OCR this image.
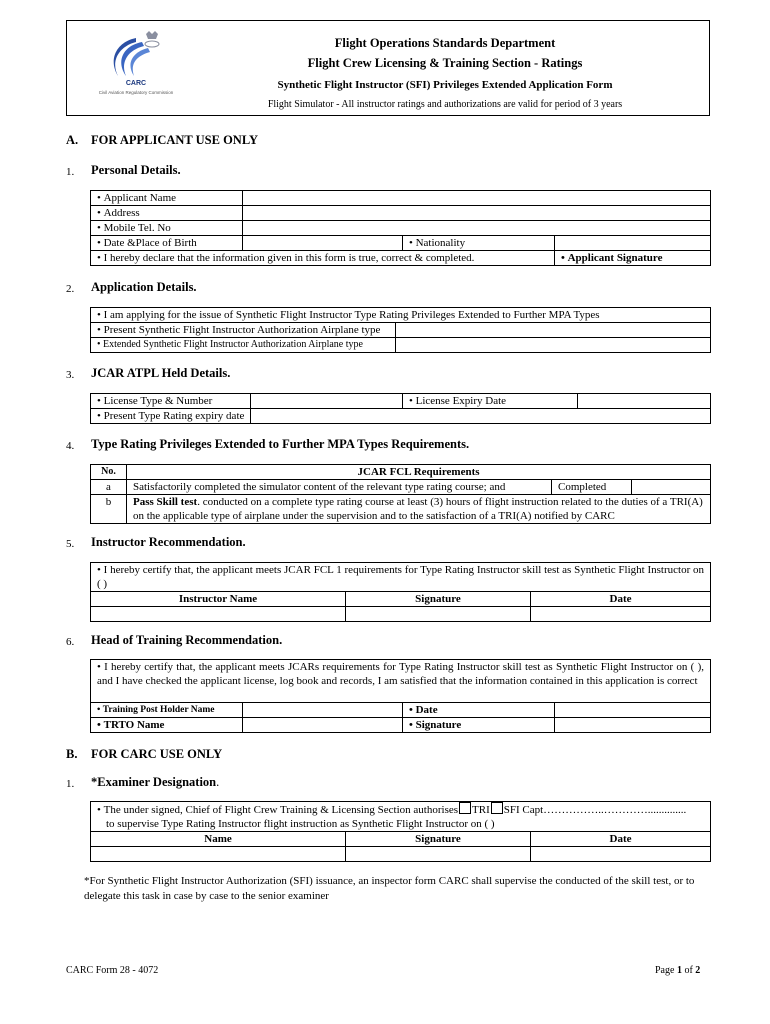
CARC
Civil Aviation Regulatory Commission
Flight Operations Standards Department
Flight Crew Licensing & Training Section - Ratings
Synthetic Flight Instructor (SFI) Privileges Extended Application Form
Flight Simulator - All instructor ratings and authorizations are valid for period of 3 years
A. FOR APPLICANT USE ONLY
1. Personal Details.
• Applicant Name	
• Address	
• Mobile Tel. No	
• Date &Place of Birth		• Nationality	
• I hereby declare that the information given in this form is true, correct & completed.			• Applicant Signature
2. Application Details.
• I am applying for the issue of Synthetic Flight Instructor Type Rating Privileges Extended to Further MPA Types
• Present Synthetic Flight Instructor Authorization Airplane type	
• Extended Synthetic Flight Instructor Authorization Airplane type	
3. JCAR ATPL Held Details.
• License Type & Number		• License Expiry Date	
• Present Type Rating expiry date	
4. Type Rating Privileges Extended to Further MPA Types Requirements.
No.	JCAR FCL Requirements		
a	Satisfactorily completed the simulator content of the relevant type rating course; and	Completed	
b	Pass Skill test. conducted on a complete type rating course at least (3) hours of flight instruction related to the duties of a TRI(A) on the applicable type of airplane under the supervision and to the satisfaction of a TRI(A) notified by CARC		
5. Instructor Recommendation.
• I hereby certify that, the applicant meets JCAR FCL 1 requirements for Type Rating Instructor skill test as Synthetic Flight Instructor on ( )
Instructor Name	Signature	Date

6. Head of Training Recommendation.
• I hereby certify that, the applicant meets JCARs requirements for Type Rating Instructor skill test as Synthetic Flight Instructor on ( ), and I have checked the applicant license, log book and records, I am satisfied that the information contained in this application is correct
• Training Post Holder Name		• Date	
• TRTO Name		• Signature	
B. FOR CARC USE ONLY
1. *Examiner Designation.
• The under signed, Chief of Flight Crew Training & Licensing Section authorises TRI SFI Capt……………..…………..............
to supervise Type Rating Instructor flight instruction as Synthetic Flight Instructor on ( )

Name	Signature	Date

*For Synthetic Flight Instructor Authorization (SFI) issuance, an inspector form CARC shall supervise the conducted of the skill test, or to delegate this task in case by case to the senior examiner
CARC Form 28 - 4072	Page 1 of 2
